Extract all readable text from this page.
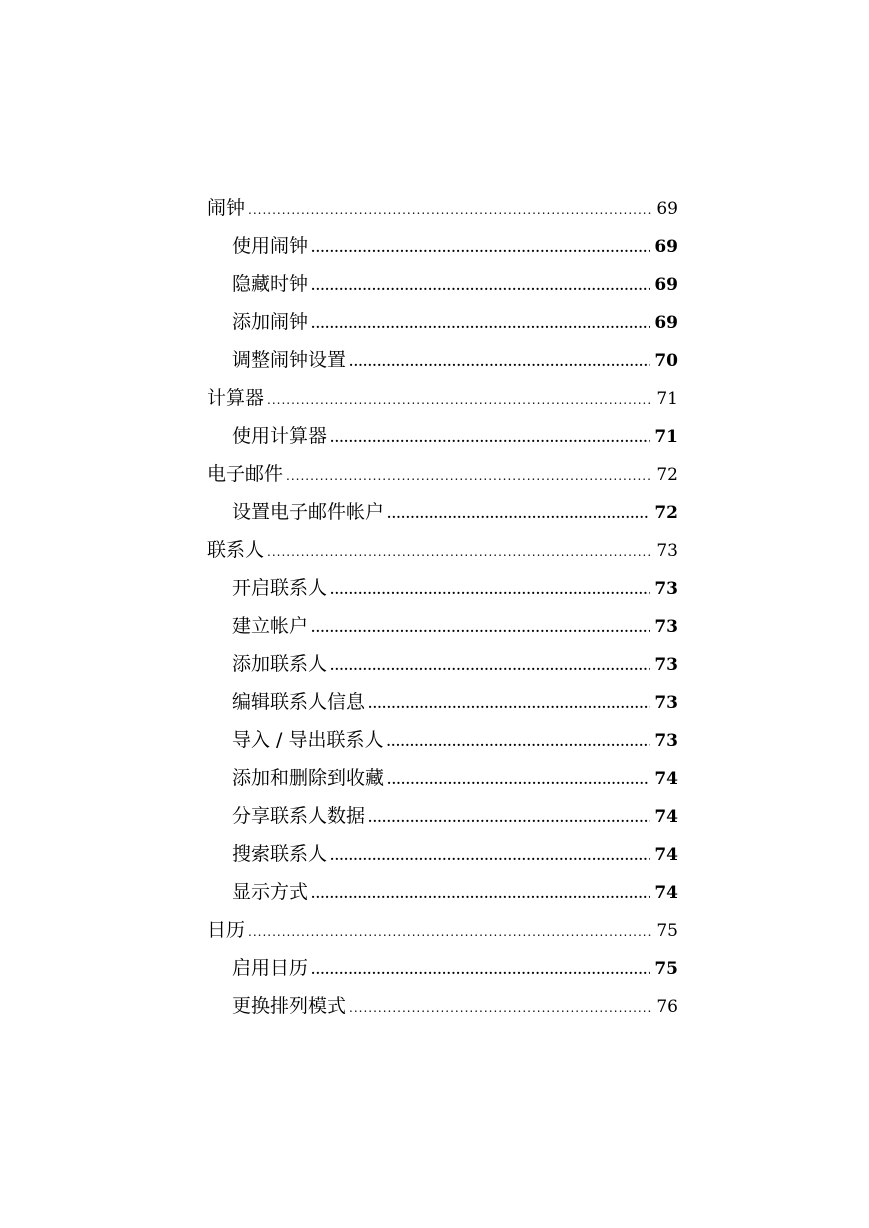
闹钟 .....	69
使用闹钟 .....	69
隐藏时钟 .....	69
添加闹钟 .....	69
调整闹钟设置 .....	70
计算器 .....	71
使用计算器 .....	71
电子邮件 .....	72
设置电子邮件帐户 .....	72
联系人 .....	73
开启联系人 .....	73
建立帐户 .....	73
添加联系人 .....	73
编辑联系人信息 .....	73
导入 / 导出联系人 .....	73
添加和删除到收藏 .....	74
分享联系人数据 .....	74
搜索联系人 .....	74
显示方式 .....	74
日历 .....	75
启用日历 .....	75
更换排列模式 .....	76
